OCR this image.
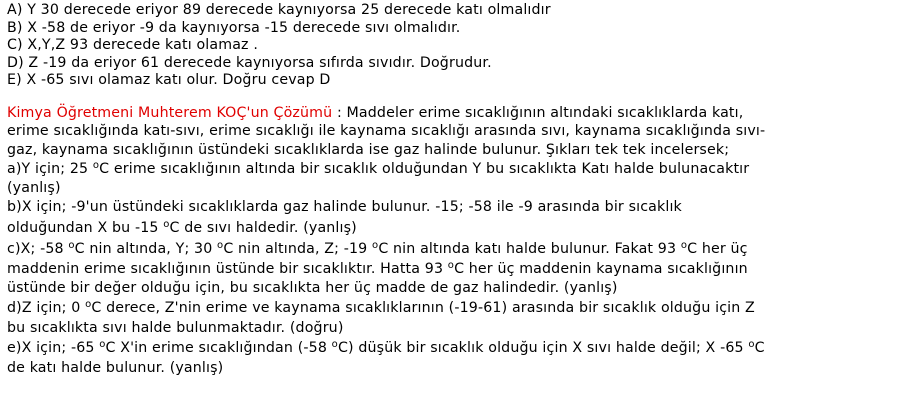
A) Y 30 derecede eriyor 89 derecede kaynıyorsa 25 derecede katı olmalıdır
B) X -58 de eriyor -9 da kaynıyorsa -15 derecede sıvı olmalıdır.
C) X,Y,Z 93 derecede katı olamaz .
D) Z -19 da eriyor 61 derecede kaynıyorsa sıfırda sıvıdır. Doğrudur.
E) X -65 sıvı olamaz katı olur. Doğru cevap D
Kimya Öğretmeni Muhterem KOÇ'un Çözümü : Maddeler erime sıcaklığının altındaki sıcaklıklarda katı,
erime sıcaklığında katı-sıvı, erime sıcaklığı ile kaynama sıcaklığı arasında sıvı, kaynama sıcaklığında sıvı-
gaz, kaynama sıcaklığının üstündeki sıcaklıklarda ise gaz halinde bulunur. Şıkları tek tek incelersek;
a)Y için; 25 $^o$C erime sıcaklığının altında bir sıcaklık olduğundan Y bu sıcaklıkta Katı halde bulunacaktır
(yanlış)
b)X için; -9'un üstündeki sıcaklıklarda gaz halinde bulunur. -15; -58 ile -9 arasında bir sıcaklık
olduğundan X bu -15 $^o$C de sıvı haldedir. (yanlış)
c)X; -58 $^o$C nin altında, Y; 30 $^o$C nin altında, Z; -19 $^o$C nin altında katı halde bulunur. Fakat 93 $^o$C her üç
maddenin erime sıcaklığının üstünde bir sıcaklıktır. Hatta 93 $^o$C her üç maddenin kaynama sıcaklığının
üstünde bir değer olduğu için, bu sıcaklıkta her üç madde de gaz halindedir. (yanlış)
d)Z için; 0 $^o$C derece, Z'nin erime ve kaynama sıcaklıklarının (-19-61) arasında bir sıcaklık olduğu için Z
bu sıcaklıkta sıvı halde bulunmaktadır. (doğru)
e)X için; -65 $^o$C X'in erime sıcaklığından (-58 $^o$C) düşük bir sıcaklık olduğu için X sıvı halde değil; X -65 $^o$C
de katı halde bulunur. (yanlış)
